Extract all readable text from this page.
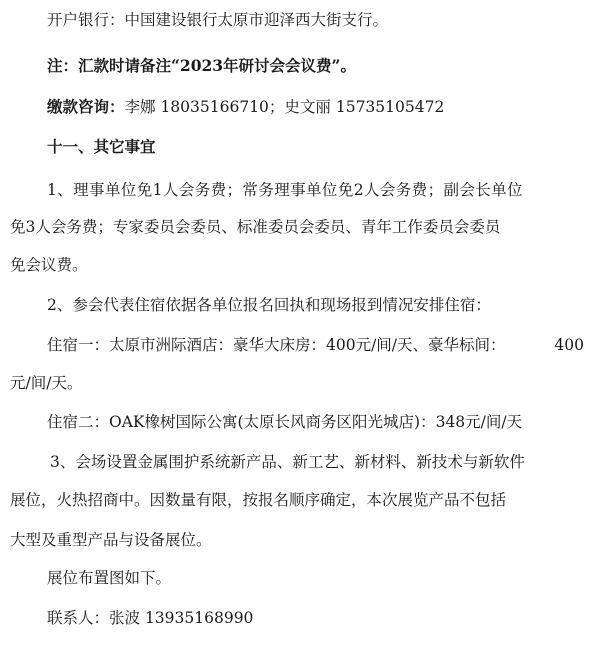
开户银行：中国建设银行太原市迎泽西大街支行。
注：汇款时请备注“2023年研讨会会议费”。
缴款咨询：李娜 18035166710；史文丽 15735105472
十一、其它事宜
1、理事单位免1人会务费；常务理事单位免2人会务费；副会长单位
免3人会务费；专家委员会委员、标准委员会委员、青年工作委员会委员
免会议费。
2、参会代表住宿依据各单位报名回执和现场报到情况安排住宿：
住宿一：太原市洲际酒店：豪华大床房：400元/间/天、豪华标间：	400
元/间/天。
住宿二：OAK橡树国际公寓(太原长风商务区阳光城店)：348元/间/天
3、会场设置金属围护系统新产品、新工艺、新材料、新技术与新软件
展位，火热招商中。因数量有限，按报名顺序确定，本次展览产品不包括
大型及重型产品与设备展位。
展位布置图如下。
联系人：张波 13935168990
